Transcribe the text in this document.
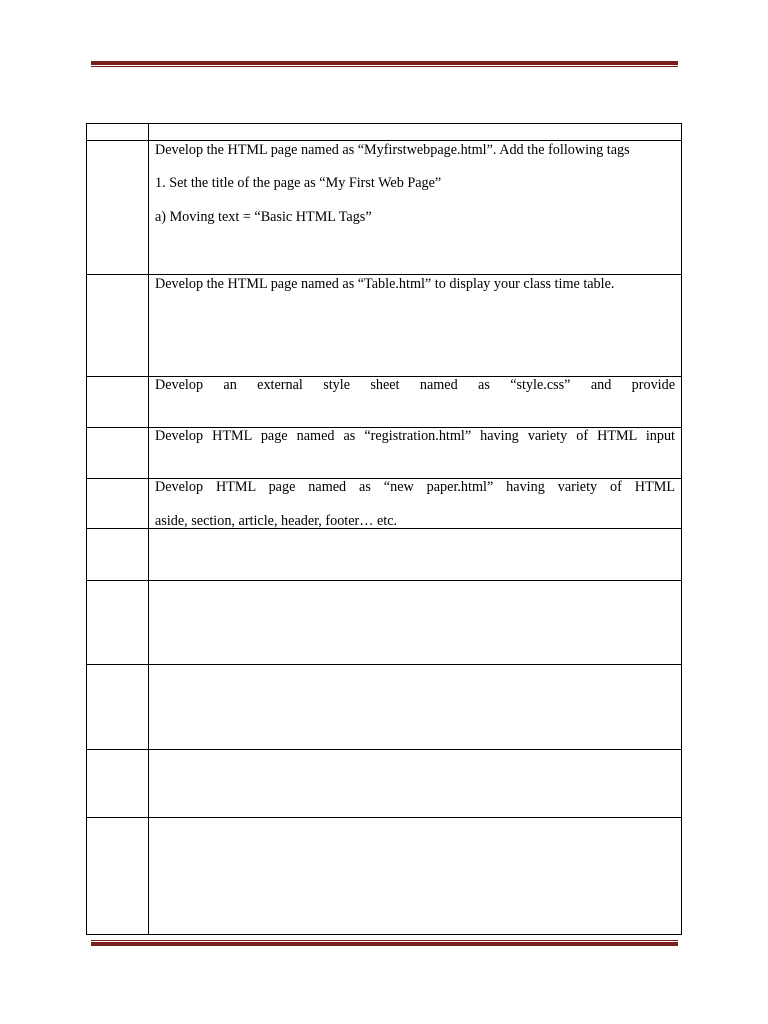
Develop the HTML page named as “Myfirstwebpage.html”. Add the following tags
1. Set the title of the page as “My First Web Page”
a) Moving text = “Basic HTML Tags”
Develop the HTML page named as “Table.html” to display your class time table.
Develop an external style sheet named as “style.css” and provide
Develop HTML page named as “registration.html” having variety of HTML input
Develop HTML page named as “new paper.html” having variety of HTML
aside, section, article, header, footer… etc.
